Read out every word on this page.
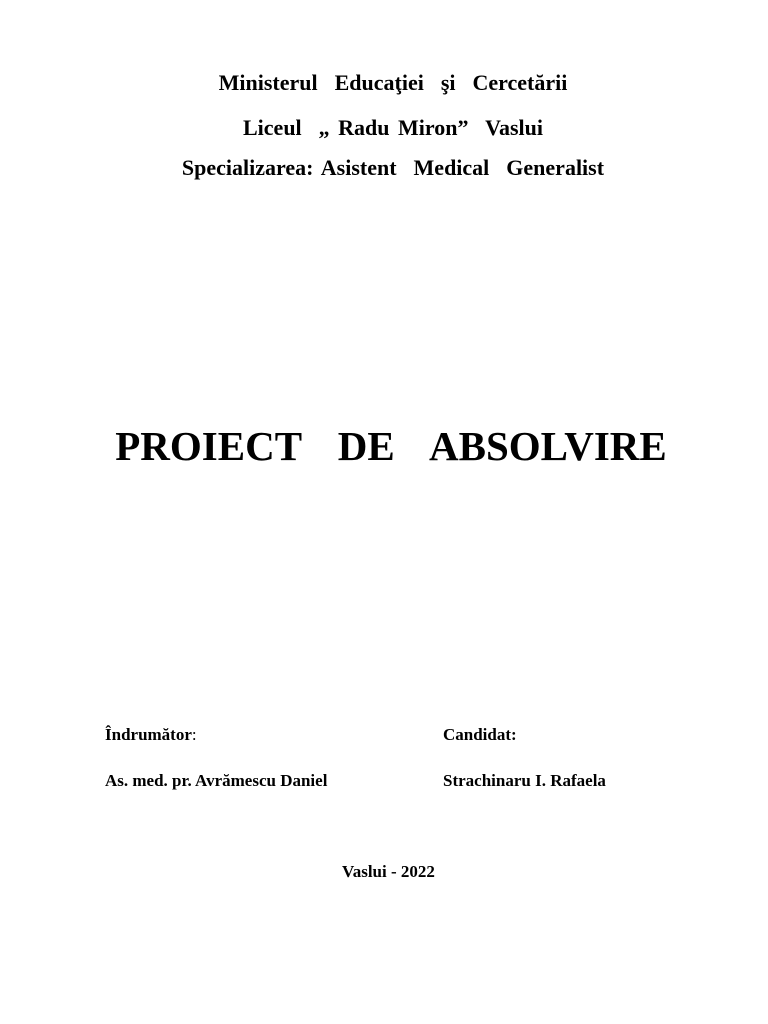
Ministerul  Educaţiei  şi  Cercetării
Liceul  „ Radu Miron”  Vaslui
Specializarea: Asistent  Medical  Generalist
PROIECT  DE  ABSOLVIRE
Îndrumător:
As. med. pr. Avrămescu Daniel
Candidat:
Strachinaru I. Rafaela
Vaslui - 2022
